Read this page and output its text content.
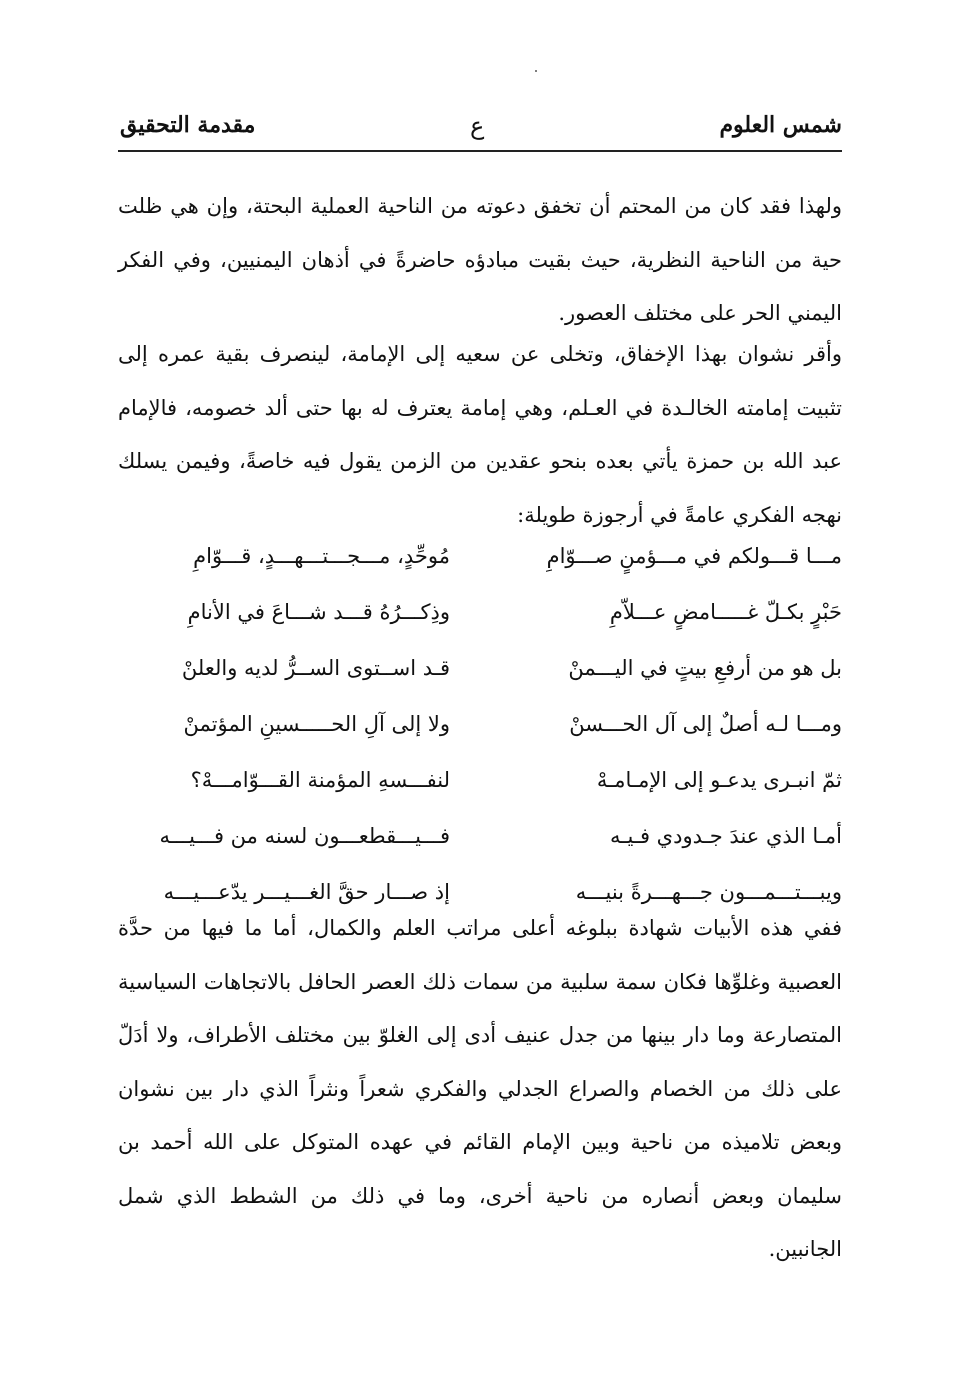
شمس العلوم
ع
مقدمة التحقيق
ولهذا فقد كان من المحتم أن تخفق دعوته من الناحية العملية البحتة، وإن هي ظلت حية من الناحية النظرية، حيث بقيت مبادؤه حاضرةً في أذهان اليمنيين، وفي الفكر اليمني الحر على مختلف العصور.
وأقر نشوان بهذا الإخفاق، وتخلى عن سعيه إلى الإمامة، لينصرف بقية عمره إلى تثبيت إمامته الخالـدة في العـلم، وهي إمامة يعترف له بها حتى ألد خصومه، فالإمام عبد الله بن حمزة يأتي بعده بنحو عقدين من الزمن يقول فيه خاصةً، وفيمن يسلك نهجه الفكري عامةً في أرجوزة طويلة:
مـــا قـــولكم في مـــؤمنٍ صـــوّامِ
مُوحِّدٍ، مـــجـــتـــهـــدٍ، قـــوّامِ
حَبْرٍ بكـلّ غـــــامضٍ عـــلاّمِ
وذِكـــرُهُ قـــد شـــاعَ في الأنامِ
بل هو من أرفعِ بيتٍ في اليـــمنْ
قـد اســتوى الســرُّ لديه والعلنْ
ومـــا لـه أصلٌ إلى آل الحـــسنْ
ولا إلى آلِ الحـــــسينِ المؤتمنْ
ثمّ انبـرى يدعـو إلى الإمـامـهْ
لنفـــسهِ المؤمنة القـــوّامـــهْ؟
أمـا الذي عندَ جـدودي فـيـه
فـــيـــقطعـــون لسنه من فـــيـــه
ويبـــتـــمـــون جـــهـــرةً بنيـــه
إذ صـــار حقَّ الغـــيـــر يدّعـــيـــه
ففي هذه الأبيات شهادة ببلوغه أعلى مراتب العلم والكمال، أما ما فيها من حدَّة العصبية وغلوِّها فكان سمة سلبية من سمات ذلك العصر الحافل بالاتجاهات السياسية المتصارعة وما دار بينها من جدل عنيف أدى إلى الغلوّ بين مختلف الأطراف، ولا أدَلّ على ذلك من الخصام والصراع الجدلي والفكري شعراً ونثراً الذي دار بين نشوان وبعض تلاميذه من ناحية وبين الإمام القائم في عهده المتوكل على الله أحمد بن سليمان وبعض أنصاره من ناحية أخرى، وما في ذلك من الشطط الذي شمل الجانبين.
